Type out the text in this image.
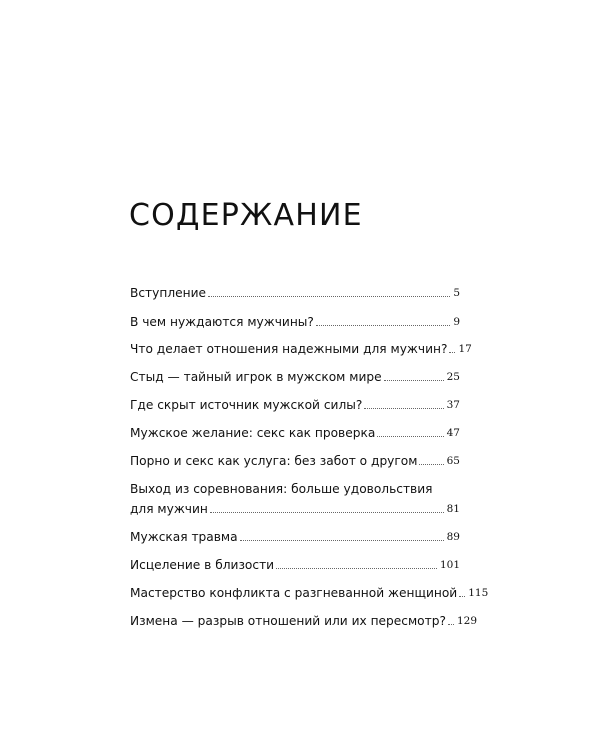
СОДЕРЖАНИЕ
Вступление	5
В чем нуждаются мужчины?	9
Что делает отношения надежными для мужчин? 17
Стыд — тайный игрок в мужском мире	25
Где скрыт источник мужской силы?	37
Мужское желание: секс как проверка	47
Порно и секс как услуга: без забот о другом	65
Выход из соревнования: больше удовольствия
для мужчин	81
Мужская травма	89
Исцеление в близости	101
Мастерство конфликта с разгневанной женщиной 115
Измена — разрыв отношений или их пересмотр? 129
